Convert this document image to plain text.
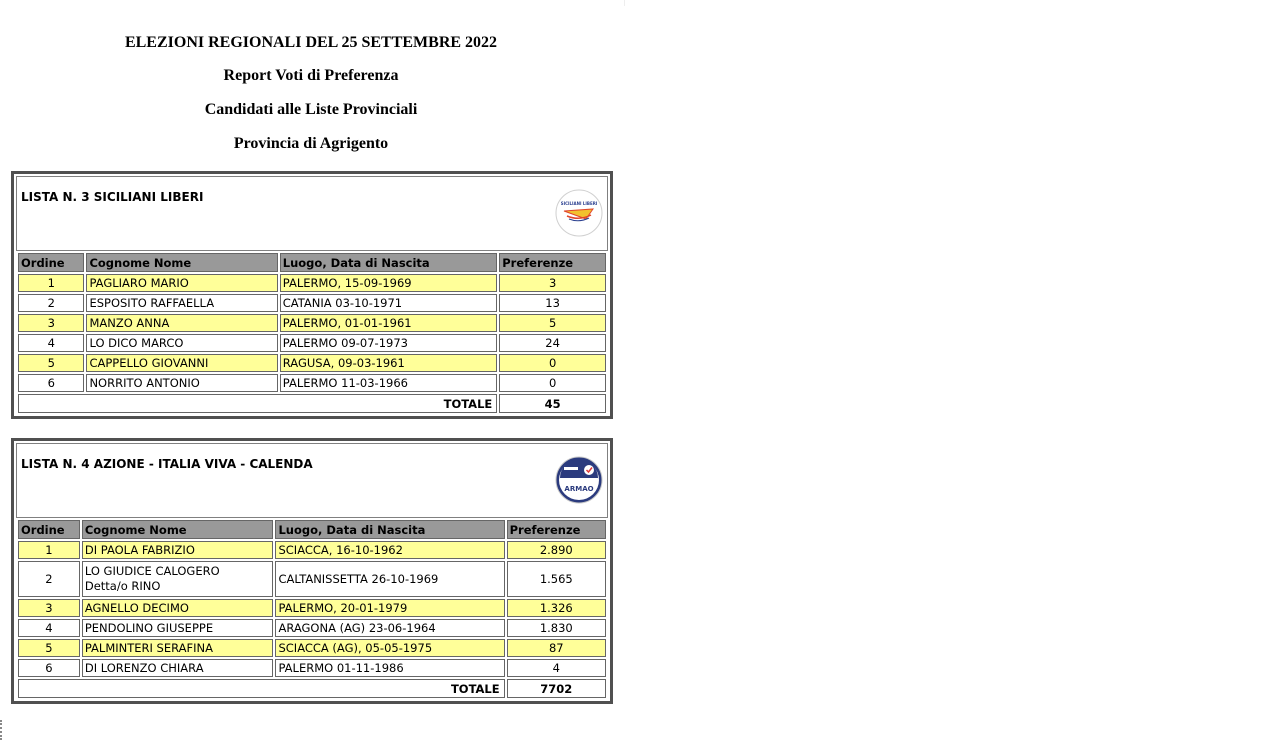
ELEZIONI REGIONALI DEL 25 SETTEMBRE 2022
Report Voti di Preferenza
Candidati alle Liste Provinciali
Provincia di Agrigento
LISTA N. 3 SICILIANI LIBERI	SICILIANI LIBERI
Ordine	Cognome Nome	Luogo, Data di Nascita	Preferenze
1	PAGLIARO MARIO	PALERMO, 15-09-1969	3
2	ESPOSITO RAFFAELLA	CATANIA 03-10-1971	13
3	MANZO ANNA	PALERMO, 01-01-1961	5
4	LO DICO MARCO	PALERMO 09-07-1973	24
5	CAPPELLO GIOVANNI	RAGUSA, 09-03-1961	0
6	NORRITO ANTONIO	PALERMO 11-03-1966	0
TOTALE			45
LISTA N. 4 AZIONE - ITALIA VIVA - CALENDA
ARMAO
Ordine	Cognome Nome	Luogo, Data di Nascita	Preferenze
1	DI PAOLA FABRIZIO	SCIACCA, 16-10-1962	2.890
2	LO GIUDICE CALOGERO
Detta/o RINO	CALTANISSETTA 26-10-1969	1.565
3	AGNELLO DECIMO	PALERMO, 20-01-1979	1.326
4	PENDOLINO GIUSEPPE	ARAGONA (AG) 23-06-1964	1.830
5	PALMINTERI SERAFINA	SCIACCA (AG), 05-05-1975	87
6	DI LORENZO CHIARA	PALERMO 01-11-1986	4
TOTALE			7702
